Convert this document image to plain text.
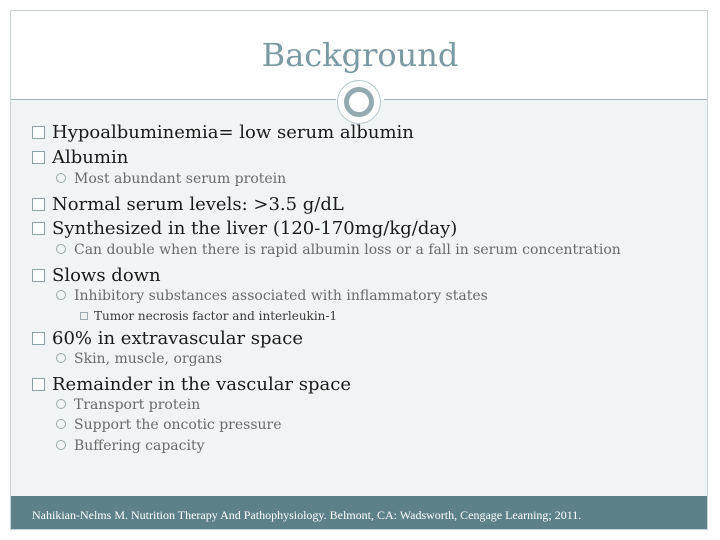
Background
Hypoalbuminemia= low serum albumin
Albumin
Most abundant serum protein
Normal serum levels: >3.5 g/dL
Synthesized in the liver (120-170mg/kg/day)
Can double when there is rapid albumin loss or a fall in serum concentration
Slows down
Inhibitory substances associated with inflammatory states
Tumor necrosis factor and interleukin-1
60% in extravascular space
Skin, muscle, organs
Remainder in the vascular space
Transport protein
Support the oncotic pressure
Buffering capacity
Nahikian-Nelms M. Nutrition Therapy And Pathophysiology. Belmont, CA: Wadsworth, Cengage Learning; 2011.
